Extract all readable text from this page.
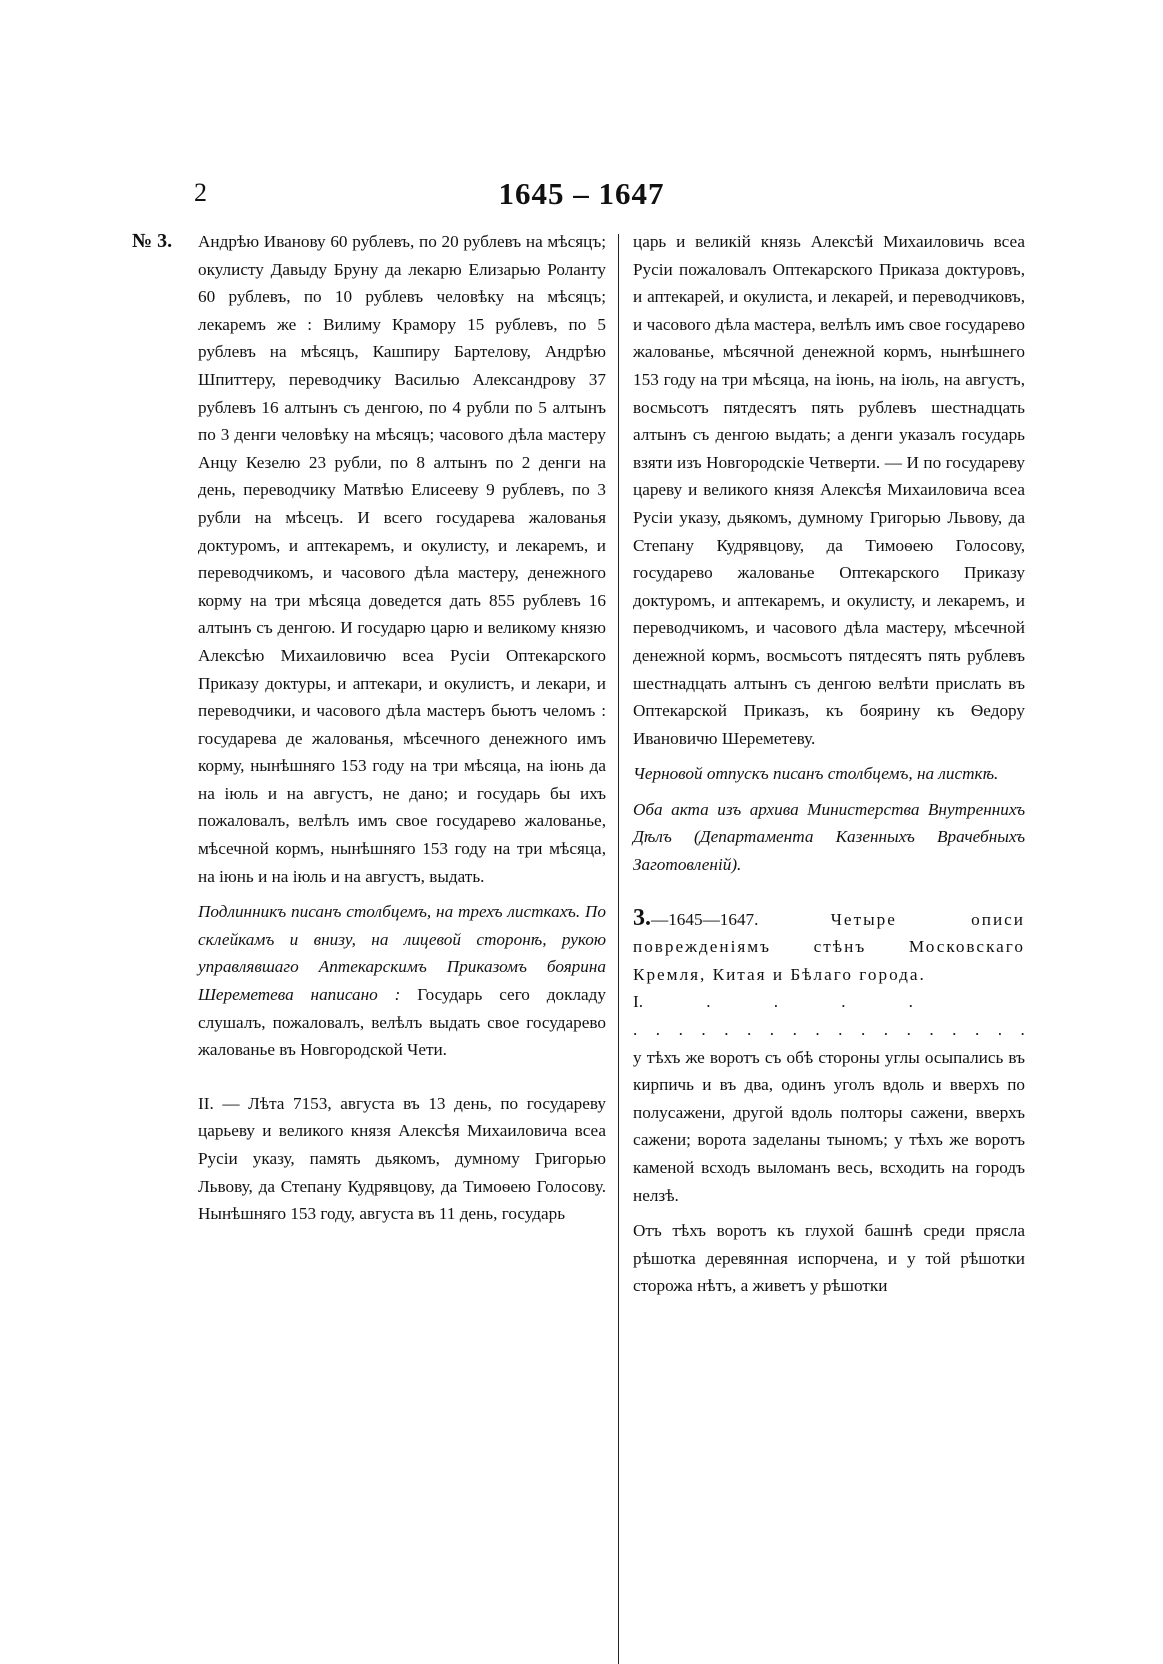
2	1645 – 1647
№ 3. Андрѣю Иванову 60 рублевъ, по 20 рублевъ на мѣсяцъ; окулисту Давыду Бруну да лекарю Елизарью Роланту 60 рублевъ, по 10 рублевъ человѣку на мѣсяцъ; лекаремъ же : Вилиму Крамору 15 рублевъ, по 5 рублевъ на мѣсяцъ, Кашпиру Бартелову, Андрѣю Шпиттеру, переводчику Василью Александрову 37 рублевъ 16 алтынъ съ денгою, по 4 рубли по 5 алтынъ по 3 денги человѣку на мѣсяцъ; часового дѣла мастеру Анцу Кезелю 23 рубли, по 8 алтынъ по 2 денги на день, переводчику Матвѣю Елисееву 9 рублевъ, по 3 рубли на мѣсецъ. И всего государева жалованья доктуромъ, и аптекаремъ, и окулисту, и лекаремъ, и переводчикомъ, и часового дѣла мастеру, денежного корму на три мѣсяца доведется дать 855 рублевъ 16 алтынъ съ денгою. И государю царю и великому князю Алексѣю Михаиловичю всеа Русіи Оптекарского Приказу доктуры, и аптекари, и окулистъ, и лекари, и переводчики, и часового дѣла мастеръ бьютъ челомъ : государева де жалованья, мѣсечного денежного имъ корму, нынѣшняго 153 году на три мѣсяца, на іюнь да на іюль и на августъ, не дано; и государь бы ихъ пожаловалъ, велѣлъ имъ свое государево жалованье, мѣсечной кормъ, нынѣшняго 153 году на три мѣсяца, на іюнь и на іюль и на августъ, выдать.

Подлинникъ писанъ столбцемъ, на трехъ листкахъ. По склейкамъ и внизу, на лицевой сторонѣ, рукою управлявшаго Аптекарскимъ Приказомъ боярина Шереметева написано : Государь сего докладу слушалъ, пожаловалъ, велѣлъ выдать свое государево жалованье въ Новгородской Чети.

II. — Лѣта 7153, августа въ 13 день, по государеву царьеву и великого князя Алексѣя Михаиловича всеа Русіи указу, память дьякомъ, думному Григорью Львову, да Степану Кудрявцову, да Тимоѳею Голосову. Нынѣшняго 153 году, августа въ 11 день, государь

царь и великій князь Алексѣй Михаиловичь всеа Русіи пожаловалъ Оптекарского Приказа доктуровъ, и аптекарей, и окулиста, и лекарей, и переводчиковъ, и часового дѣла мастера, велѣлъ имъ свое государево жалованье, мѣсячной денежной кормъ, нынѣшнего 153 году на три мѣсяца, на іюнь, на іюль, на августъ, восмьсотъ пятдесятъ пять рублевъ шестнадцать алтынъ съ денгою выдать; а денги указалъ государь взяти изъ Новгородскіе Четверти. — И по государеву цареву и великого князя Алексѣя Михаиловича всеа Русіи указу, дьякомъ, думному Григорью Львову, да Степану Кудрявцову, да Тимоѳею Голосову, государево жалованье Оптекарского Приказу доктуромъ, и аптекаремъ, и окулисту, и лекаремъ, и переводчикомъ, и часового дѣла мастеру, мѣсечной денежной кормъ, восмьсотъ пятдесятъ пять рублевъ шестнадцать алтынъ съ денгою велѣти прислать въ Оптекарской Приказъ, къ боярину къ Ѳедору Ивановичю Шереметеву.

Черновой отпускъ писанъ столбцемъ, на листкѣ.

Оба акта изъ архива Министерства Внутреннихъ Дѣлъ (Департамента Казенныхъ Врачебныхъ Заготовленій).

3.—1645—1647.	Четыре описи поврежденіямъ стѣнъ Московскаго Кремля, Китая и Бѣлаго города.

I.	.	.	.	.

. . . . . . . . . . . . . . . . . .

у тѣхъ же воротъ съ обѣ стороны углы осыпались въ кирпичь и въ два, одинъ уголъ вдоль и вверхъ по полусажени, другой вдоль полторы сажени, вверхъ сажени; ворота заделаны тыномъ; у тѣхъ же воротъ каменой всходъ выломанъ весь, всходить на городъ нелзѣ.

Отъ тѣхъ воротъ къ глухой башнѣ среди прясла рѣшотка деревянная испорчена, и у той рѣшотки сторожа нѣтъ, а живетъ у рѣшотки
